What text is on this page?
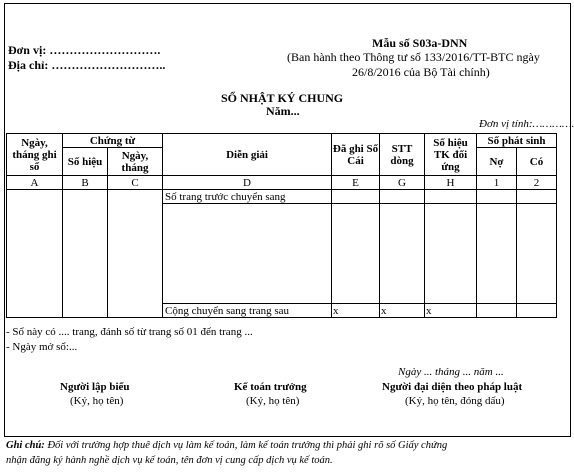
Mẫu số S03a-DNN
(Ban hành theo Thông tư số 133/2016/TT-BTC ngày
26/8/2016 của Bộ Tài chính)
Đơn vị: ……………………….
Địa chỉ: ………………………..
SỔ NHẬT KÝ CHUNG
Năm...
Đơn vị tính:………….
Ngày, tháng ghi sổ	Chứng từ		Diễn giải	Đã ghi Sổ Cái	STT dòng	Số hiệu TK đối ứng	Số phát sinh	
	Số hiệu	Ngày, tháng					Nợ	Có
A	B	C	D	E	G	H	1	2
			Số trang trước chuyển sang					

			Cộng chuyển sang trang sau	x	x	x		
- Sổ này có .... trang, đánh số từ trang số 01 đến trang ...
- Ngày mở sổ:...
Ngày ... tháng ... năm ...
Người lập biểu
(Ký, họ tên)
Kế toán trưởng
(Ký, họ tên)
Người đại diện theo pháp luật
(Ký, họ tên, đóng dấu)
Ghi chú: Đối với trường hợp thuê dịch vụ làm kế toán, làm kế toán trưởng thì phải ghi rõ số Giấy chứng
nhận đăng ký hành nghề dịch vụ kế toán, tên đơn vị cung cấp dịch vụ kế toán.
